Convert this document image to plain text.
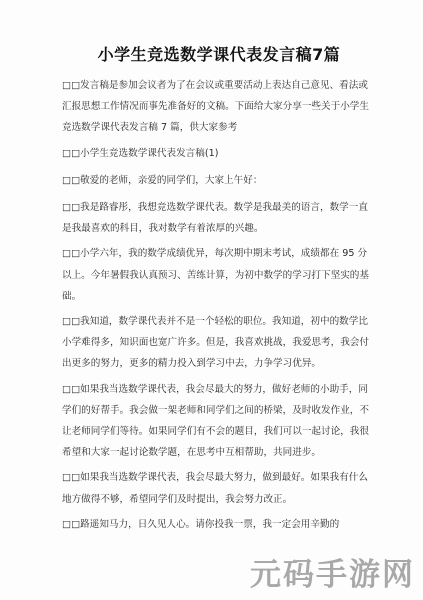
小学生竞选数学课代表发言稿7篇

□□发言稿是参加会议者为了在会议或重要活动上表达自己意见、看法或汇报思想工作情况而事先准备好的文稿。下面给大家分享一些关于小学生竞选数学课代表发言稿 7 篇，供大家参考

□□小学生竞选数学课代表发言稿(1)

□□敬爱的老师，亲爱的同学们，大家上午好：

□□我是路睿彤，我想竞选数学课代表。数学是我最美的语言，数学一直是我最喜欢的科目，我对数学有着浓厚的兴趣。

□□小学六年，我的数学成绩优异，每次期中期末考试，成绩都在 95 分以上。今年暑假我认真预习、苦练计算，为初中数学的学习打下坚实的基础。

□□我知道，数学课代表并不是一个轻松的职位。我知道，初中的数学比小学难得多，知识面也宽广许多。但是，我喜欢挑战，我爱思考，我会付出更多的努力，更多的精力投入到学习中去，力争学习优异。

□□如果我当选数学课代表，我会尽最大的努力，做好老师的小助手，同学们的好帮手。我会做一架老师和同学们之间的桥梁，及时收发作业，不让老师同学们等待。如果同学们有不会的题目，我们可以一起讨论，我很希望和大家一起讨论数学题，在思考中互相帮助，共同进步。

□□如果我当选数学课代表，我会尽最大努力，做到最好。如果我有什么地方做得不够，希望同学们及时提出，我会努力改正。

□□路遥知马力，日久见人心。请你投我一票，我一定会用辛勤的

元码手游网
